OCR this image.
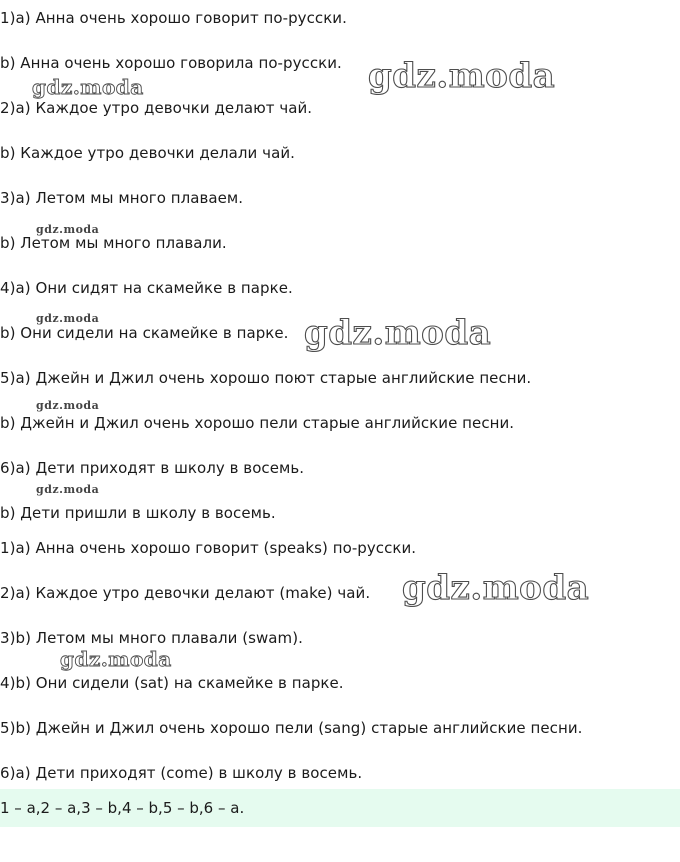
1)a) Анна очень хорошо говорит по-русски.
b) Анна очень хорошо говорила по-русски.
2)a) Каждое утро девочки делают чай.
b) Каждое утро девочки делали чай.
3)a) Летом мы много плаваем.
b) Летом мы много плавали.
4)a) Они сидят на скамейке в парке.
b) Они сидели на скамейке в парке.
5)a) Джейн и Джил очень хорошо поют старые английские песни.
b) Джейн и Джил очень хорошо пели старые английские песни.
6)a) Дети приходят в школу в восемь.
b) Дети пришли в школу в восемь.
1)a) Анна очень хорошо говорит (speaks) по-русски.
2)a) Каждое утро девочки делают (make) чай.
3)b) Летом мы много плавали (swam).
4)b) Они сидели (sat) на скамейке в парке.
5)b) Джейн и Джил очень хорошо пели (sang) старые английские песни.
6)a) Дети приходят (come) в школу в восемь.
1 – a,2 – a,3 – b,4 – b,5 – b,6 – a.
gdz.moda
gdz.moda
gdz.moda
gdz.moda	gdz.moda
gdz.moda
gdz.moda
gdz.moda
gdz.moda
